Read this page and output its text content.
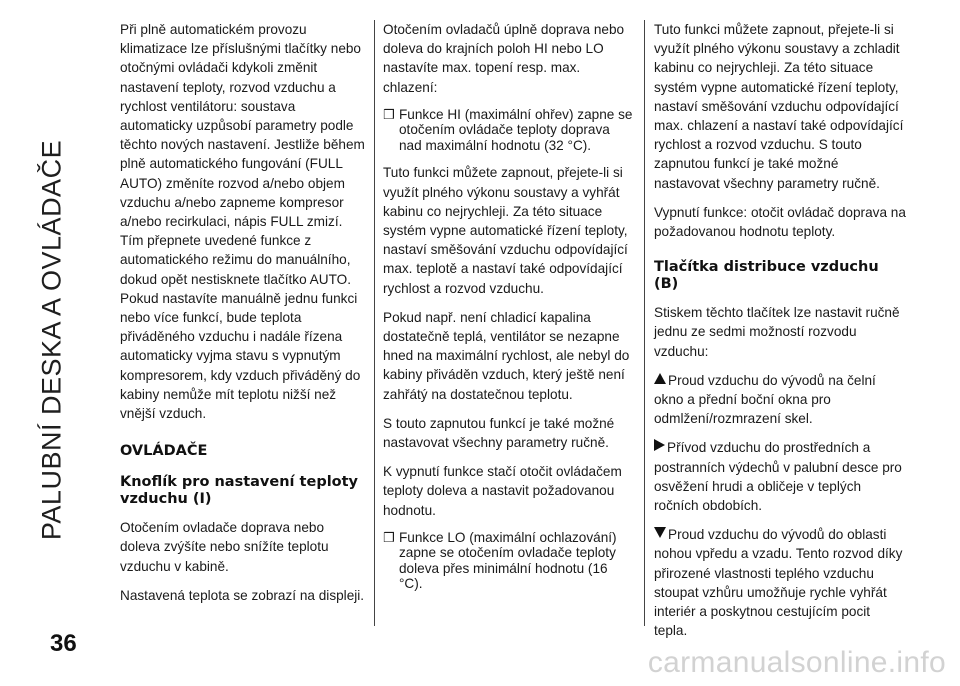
PALUBNÍ DESKA A OVLÁDAČE
36

Při plně automatickém provozu klimatizace lze příslušnými tlačítky nebo otočnými ovládači kdykoli změnit nastavení teploty, rozvod vzduchu a rychlost ventilátoru: soustava automaticky uzpůsobí parametry podle těchto nových nastavení. Jestliže během plně automatického fungování (FULL AUTO) změníte rozvod a/nebo objem vzduchu a/nebo zapneme kompresor a/nebo recirkulaci, nápis FULL zmizí. Tím přepnete uvedené funkce z automatického režimu do manuálního, dokud opět nestisknete tlačítko AUTO. Pokud nastavíte manuálně jednu funkci nebo více funkcí, bude teplota přiváděného vzduchu i nadále řízena automaticky vyjma stavu s vypnutým kompresorem, kdy vzduch přiváděný do kabiny nemůže mít teplotu nižší než vnější vzduch.

OVLÁDAČE
Knoflík pro nastavení teploty vzduchu (I)

Otočením ovladače doprava nebo doleva zvýšíte nebo snížíte teplotu vzduchu v kabině.

Nastavená teplota se zobrazí na displeji.

Otočením ovladačů úplně doprava nebo doleva do krajních poloh HI nebo LO nastavíte max. topení resp. max. chlazení:

❒ Funkce HI (maximální ohřev) zapne se otočením ovládače teploty doprava nad maximální hodnotu (32 °C).

Tuto funkci můžete zapnout, přejete-li si využít plného výkonu soustavy a vyhřát kabinu co nejrychleji. Za této situace systém vypne automatické řízení teploty, nastaví směšování vzduchu odpovídající max. teplotě a nastaví také odpovídající rychlost a rozvod vzduchu.

Pokud např. není chladicí kapalina dostatečně teplá, ventilátor se nezapne hned na maximální rychlost, ale nebyl do kabiny přiváděn vzduch, který ještě není zahřátý na dostatečnou teplotu.

S touto zapnutou funkcí je také možné nastavovat všechny parametry ručně.

K vypnutí funkce stačí otočit ovládačem teploty doleva a nastavit požadovanou hodnotu.

❒ Funkce LO (maximální ochlazování) zapne se otočením ovladače teploty doleva přes minimální hodnotu (16 °C).

Tuto funkci můžete zapnout, přejete-li si využít plného výkonu soustavy a zchladit kabinu co nejrychleji. Za této situace systém vypne automatické řízení teploty, nastaví směšování vzduchu odpovídající max. chlazení a nastaví také odpovídající rychlost a rozvod vzduchu. S touto zapnutou funkcí je také možné nastavovat všechny parametry ručně.

Vypnutí funkce: otočit ovládač doprava na požadovanou hodnotu teploty.

Tlačítka distribuce vzduchu (B)

Stiskem těchto tlačítek lze nastavit ručně jednu ze sedmi možností rozvodu vzduchu:

Proud vzduchu do vývodů na čelní okno a přední boční okna pro odmlžení/rozmrazení skel.

Přívod vzduchu do prostředních a postranních výdechů v palubní desce pro osvěžení hrudi a obličeje v teplých ročních obdobích.

Proud vzduchu do vývodů do oblasti nohou vpředu a vzadu. Tento rozvod díky přirozené vlastnosti teplého vzduchu stoupat vzhůru umožňuje rychle vyhřát interiér a poskytnou cestujícím pocit tepla.

carmanualsonline.info
